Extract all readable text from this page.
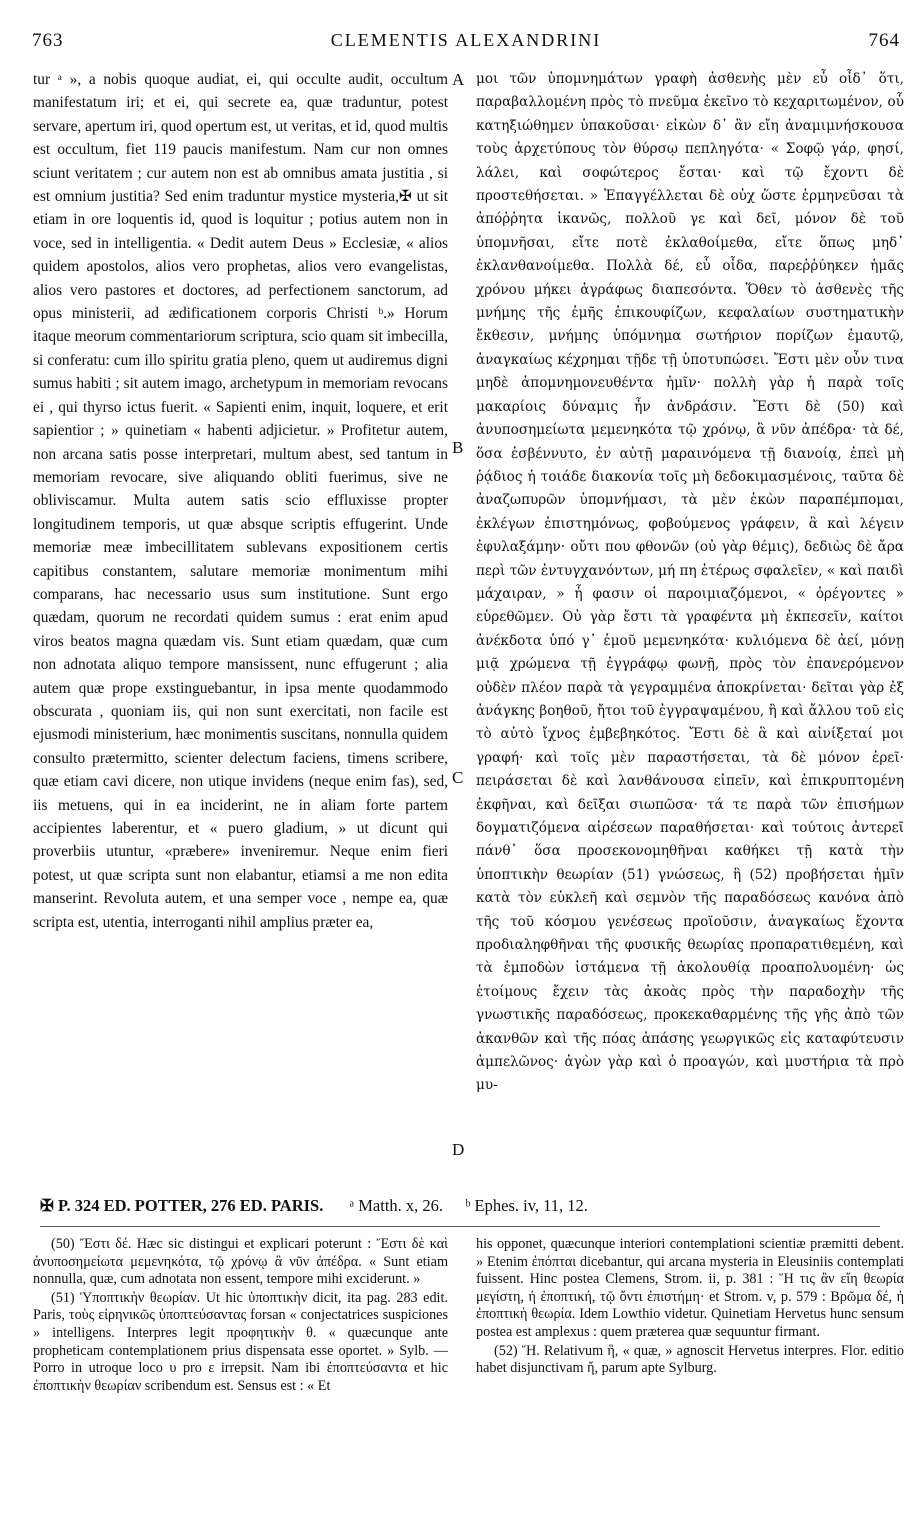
763	CLEMENTIS ALEXANDRINI	764

tur ᵃ », a nobis quoque audiat, ei, qui occulte audit, occultum manifestatum iri; et ei, qui secrete ea, quæ traduntur, potest servare, apertum iri, quod opertum est, ut veritas, et id, quod multis est occultum, fiet 119 paucis manifestum. Nam cur non omnes sciunt veritatem ; cur autem non est ab omnibus amata justitia , si est omnium justitia? Sed enim traduntur mystice mysteria,✠ ut sit etiam in ore loquentis id, quod is loquitur ; potius autem non in voce, sed in intelligentia. « Dedit autem Deus » Ecclesiæ, « alios quidem apostolos, alios vero prophetas, alios vero evangelistas, alios vero pastores et doctores, ad perfectionem sanctorum, ad opus ministerii, ad ædificationem corporis Christi ᵇ.» Horum itaque meorum commentariorum scriptura, scio quam sit imbecilla, si conferatu: cum illo spiritu gratia pleno, quem ut audiremus digni sumus habiti ; sit autem imago, archetypum in memoriam revocans ei , qui thyrso ictus fuerit. « Sapienti enim, inquit, loquere, et erit sapientior ; » quinetiam « habenti adjicietur. » Profitetur autem, non arcana satis posse interpretari, multum abest, sed tantum in memoriam revocare, sive aliquando obliti fuerimus, sive ne obliviscamur. Multa autem satis scio effluxisse propter longitudinem temporis, ut quæ absque scriptis effugerint. Unde memoriæ meæ imbecillitatem sublevans expositionem certis capitibus constantem, salutare memoriæ monimentum mihi comparans, hac necessario usus sum institutione. Sunt ergo quædam, quorum ne recordati quidem sumus : erat enim apud viros beatos magna quædam vis. Sunt etiam quædam, quæ cum non adnotata aliquo tempore mansissent, nunc effugerunt ; alia autem quæ prope exstinguebantur, in ipsa mente quodammodo obscurata , quoniam iis, qui non sunt exercitati, non facile est ejusmodi ministerium, hæc monimentis suscitans, nonnulla quidem consulto prætermitto, scienter delectum faciens, timens scribere, quæ etiam cavi dicere, non utique invidens (neque enim fas), sed, iis metuens, qui in ea inciderint, ne in aliam forte partem accipientes laberentur, et « puero gladium, » ut dicunt qui proverbiis utuntur, «præbere» inveniremur. Neque enim fieri potest, ut quæ scripta sunt non elabantur, etiamsi a me non edita manserint. Revoluta autem, et una semper voce , nempe ea, quæ scripta est, utentia, interroganti nihil amplius præter ea,

A
B
C
D

μοι τῶν ὑπομνημάτων γραφὴ ἀσθενὴς μὲν εὖ οἶδ᾽ ὅτι, παραβαλλομένη πρὸς τὸ πνεῦμα ἐκεῖνο τὸ κεχαριτωμένον, οὗ κατηξιώθημεν ὑπακοῦσαι· εἰκὼν δ᾽ ἂν εἴη ἀναμιμνήσκουσα τοὺς ἀρχετύπους τὸν θύρσῳ πεπληγότα· « Σοφῷ γάρ, φησί, λάλει, καὶ σοφώτερος ἔσται· καὶ τῷ ἔχοντι δὲ προστεθήσεται. » Ἐπαγγέλλεται δὲ οὐχ ὥστε ἑρμηνεῦσαι τὰ ἀπόῤῥητα ἱκανῶς, πολλοῦ γε καὶ δεῖ, μόνον δὲ τοῦ ὑπομνῆσαι, εἴτε ποτὲ ἐκλαθοίμεθα, εἴτε ὅπως μηδ᾽ ἐκλανθανοίμεθα. Πολλὰ δέ, εὖ οἶδα, παρεῤῥύηκεν ἡμᾶς χρόνου μήκει ἀγράφως διαπεσόντα. Ὅθεν τὸ ἀσθενὲς τῆς μνήμης τῆς ἐμῆς ἐπικουφίζων, κεφαλαίων συστηματικὴν ἔκθεσιν, μνήμης ὑπόμνημα σωτήριον πορίζων ἐμαυτῷ, ἀναγκαίως κέχρημαι τῇδε τῇ ὑποτυπώσει. Ἔστι μὲν οὖν τινα μηδὲ ἀπομνημονευθέντα ἡμῖν· πολλὴ γὰρ ἡ παρὰ τοῖς μακαρίοις δύναμις ἦν ἀνδράσιν. Ἔστι δὲ (50) καὶ ἀνυποσημείωτα μεμενηκότα τῷ χρόνῳ, ἃ νῦν ἀπέδρα· τὰ δέ, ὅσα ἐσβέννυτο, ἐν αὐτῇ μαραινόμενα τῇ διανοίᾳ, ἐπεὶ μὴ ῥᾴδιος ἡ τοιάδε διακονία τοῖς μὴ δεδοκιμασμένοις, ταῦτα δὲ ἀναζωπυρῶν ὑπομνήμασι, τὰ μὲν ἑκὼν παραπέμπομαι, ἐκλέγων ἐπιστημόνως, φοβούμενος γράφειν, ἃ καὶ λέγειν ἐφυλαξάμην· οὔτι που φθονῶν (οὐ γὰρ θέμις), δεδιὼς δὲ ἄρα περὶ τῶν ἐντυγχανόντων, μή πη ἑτέρως σφαλεῖεν, « καὶ παιδὶ μάχαιραν, » ἧ φασιν οἱ παροιμιαζόμενοι, « ὀρέγοντες » εὑρεθῶμεν. Οὐ γὰρ ἔστι τὰ γραφέντα μὴ ἐκπεσεῖν, καίτοι ἀνέκδοτα ὑπό γ᾽ ἐμοῦ μεμενηκότα· κυλιόμενα δὲ ἀεί, μόνῃ μιᾷ χρώμενα τῇ ἐγγράφῳ φωνῇ, πρὸς τὸν ἐπανερόμενον οὐδὲν πλέον παρὰ τὰ γεγραμμένα ἀποκρίνεται· δεῖται γὰρ ἐξ ἀνάγκης βοηθοῦ, ἤτοι τοῦ ἐγγραψαμένου, ἢ καὶ ἄλλου τοῦ εἰς τὸ αὐτὸ ἴχνος ἐμβεβηκότος. Ἔστι δὲ ἃ καὶ αἰνίξεταί μοι γραφή· καὶ τοῖς μὲν παραστήσεται, τὰ δὲ μόνον ἐρεῖ· πειράσεται δὲ καὶ λανθάνουσα εἰπεῖν, καὶ ἐπικρυπτομένη ἐκφῆναι, καὶ δεῖξαι σιωπῶσα· τά τε παρὰ τῶν ἐπισήμων δογματιζόμενα αἱρέσεων παραθήσεται· καὶ τούτοις ἀντερεῖ πάνθ᾽ ὅσα προσεκονομηθῆναι καθήκει τῇ κατὰ τὴν ὑποπτικὴν θεωρίαν (51) γνώσεως, ἣ (52) προβήσεται ἡμῖν κατὰ τὸν εὐκλεῆ καὶ σεμνὸν τῆς παραδόσεως κανόνα ἀπὸ τῆς τοῦ κόσμου γενέσεως προϊοῦσιν, ἀναγκαίως ἔχοντα προδιαληφθῆναι τῆς φυσικῆς θεωρίας προπαρατιθεμένη, καὶ τὰ ἐμποδὼν ἱστάμενα τῇ ἀκολουθίᾳ προαπολυομένη· ὡς ἑτοίμους ἔχειν τὰς ἀκοὰς πρὸς τὴν παραδοχὴν τῆς γνωστικῆς παραδόσεως, προκεκαθαρμένης τῆς γῆς ἀπὸ τῶν ἀκανθῶν καὶ τῆς πόας ἁπάσης γεωργικῶς εἰς καταφύτευσιν ἀμπελῶνος· ἀγὼν γὰρ καὶ ὁ προαγών, καὶ μυστήρια τὰ πρὸ μυ-

✠ P. 324 ED. POTTER, 276 ED. PARIS. ᵃ Matth. x, 26. ᵇ Ephes. iv, 11, 12.

(50) Ἔστι δέ. Hæc sic distingui et explicari poterunt : Ἔστι δὲ καὶ ἀνυποσημείωτα μεμενηκότα, τῷ χρόνῳ ἃ νῦν ἀπέδρα. « Sunt etiam nonnulla, quæ, cum adnotata non essent, tempore mihi exciderunt. »

(51) Ὑποπτικὴν θεωρίαν. Ut hic ὑποπτικὴν dicit, ita pag. 283 edit. Paris, τοὺς εἰρηνικῶς ὑποπτεύσαντας forsan « conjectatrices suspiciones » intelligens. Interpres legit προφητικὴν θ. « quæcunque ante propheticam contemplationem prius dispensata esse oportet. » Sylb. — Porro in utroque loco υ pro ε irrepsit. Nam ibi ἐποπτεύσαντα et hic ἐποπτικὴν θεωρίαν scribendum est. Sensus est : « Et

his opponet, quæcunque interiori contemplationi scientiæ præmitti debent. » Etenim ἐπόπται dicebantur, qui arcana mysteria in Eleusiniis contemplati fuissent. Hinc postea Clemens, Strom. ii, p. 381 : Ἥ τις ἂν εἴη θεωρία μεγίστη, ἡ ἐποπτική, τῷ ὄντι ἐπιστήμη· et Strom. v, p. 579 : Βρῶμα δέ, ἡ ἐποπτικὴ θεωρία. Idem Lowthio videtur. Quinetiam Hervetus hunc sensum postea est amplexus : quem præterea quæ sequuntur firmant.

(52) Ἥ. Relativum ἣ, « quæ, » agnoscit Hervetus interpres. Flor. editio habet disjunctivam ἤ, parum apte Sylburg.
